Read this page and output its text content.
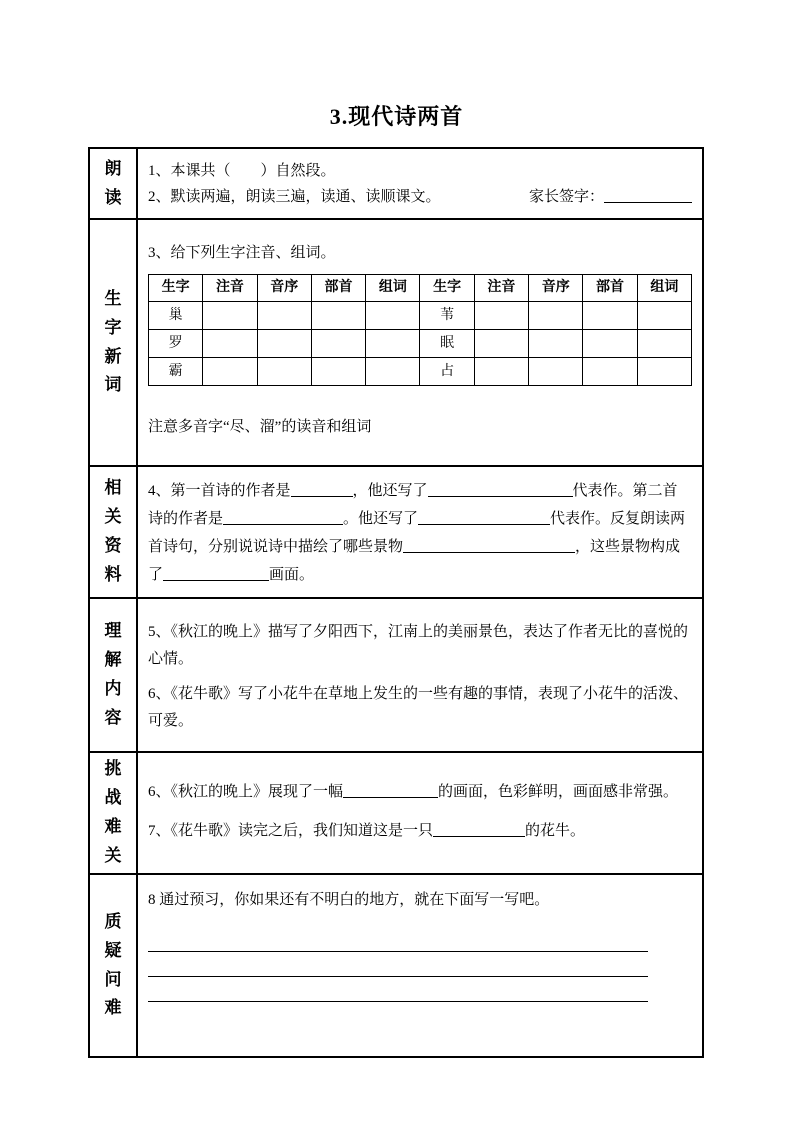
3.现代诗两首
朗读	
1、本课共（　　）自然段。
2、默读两遍，朗读三遍，读通、读顺课文。	家长签字：

生字新词	
3、给下列生字注音、组词。
生字	注音	音序	部首	组词	生字	注音	音序	部首	组词
巢					苇				
罗					眠				
霸					占				
注意多音字“尽、溜”的读音和组词

相关资料	
4、第一首诗的作者是	，他还写了	代表作。第二首诗的作者是	。他还写了	代表作。反复朗读两首诗句，分别说说诗中描绘了哪些景物	，这些景物构成了	画面。

理解内容	
5、《秋江的晚上》描写了夕阳西下，江南上的美丽景色，表达了作者无比的喜悦的心情。
6、《花牛歌》写了小花牛在草地上发生的一些有趣的事情，表现了小花牛的活泼、可爱。

挑战难关	
6、《秋江的晚上》展现了一幅	的画面，色彩鲜明，画面感非常强。
7、《花牛歌》读完之后，我们知道这是一只	的花牛。

质疑问难	
8 通过预习，你如果还有不明白的地方，就在下面写一写吧。
